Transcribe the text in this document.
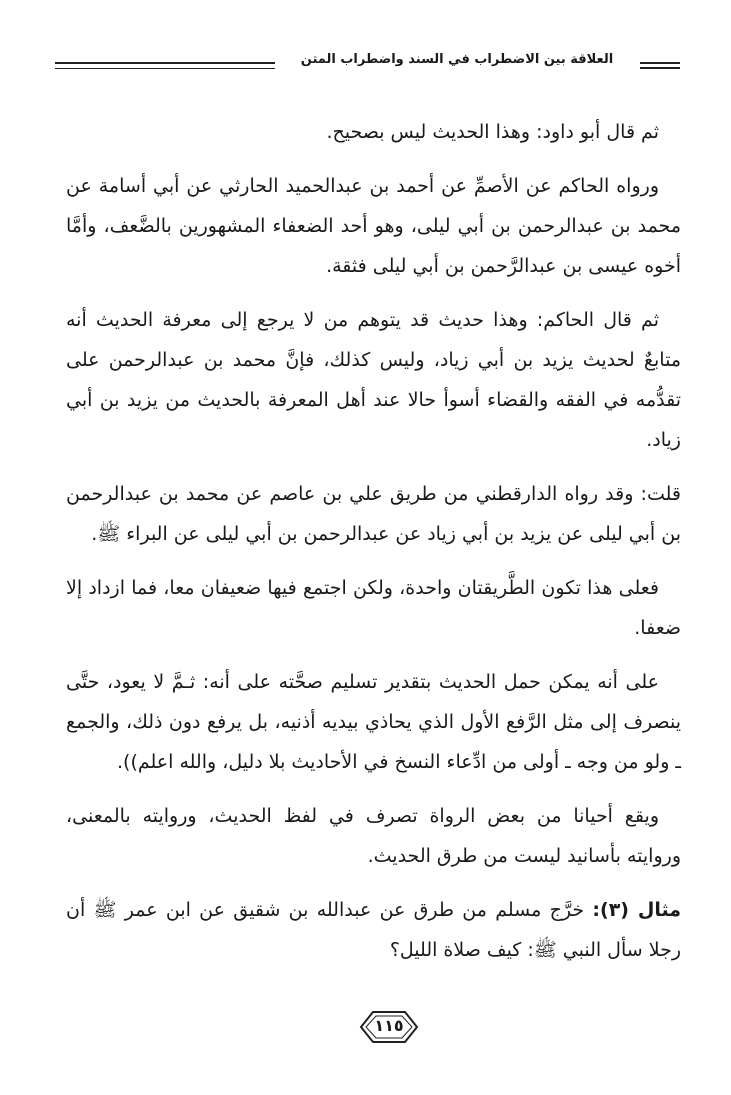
العلاقة بين الاضطراب في السند واضطراب المتن

ثم قال أبو داود: وهذا الحديث ليس بصحيح.

ورواه الحاكم عن الأصمِّ عن أحمد بن عبدالحميد الحارثي عن أبي أسامة عن محمد بن عبدالرحمن بن أبي ليلى، وهو أحد الضعفاء المشهورين بالضَّعف، وأمَّا أخوه عيسى بن عبدالرَّحمن بن أبي ليلى فثقة.

ثم قال الحاكم: وهذا حديث قد يتوهم من لا يرجع إلى معرفة الحديث أنه متابعٌ لحديث يزيد بن أبي زياد، وليس كذلك، فإنَّ محمد بن عبدالرحمن على تقدُّمه في الفقه والقضاء أسوأ حالا عند أهل المعرفة بالحديث من يزيد بن أبي زياد.

قلت: وقد رواه الدارقطني من طريق علي بن عاصم عن محمد بن عبدالرحمن بن أبي ليلى عن يزيد بن أبي زياد عن عبدالرحمن بن أبي ليلى عن البراء ﷺ.

فعلى هذا تكون الطَّريقتان واحدة، ولكن اجتمع فيها ضعيفان معا، فما ازداد إلا ضعفا.

على أنه يمكن حمل الحديث بتقدير تسليم صحَّته على أنه: ثـمَّ لا يعود، حتَّى ينصرف إلى مثل الرَّفع الأول الذي يحاذي بيديه أذنيه، بل يرفع دون ذلك، والجمع ـ ولو من وجه ـ أولى من ادِّعاء النسخ في الأحاديث بلا دليل، والله اعلم)).

ويقع أحيانا من بعض الرواة تصرف في لفظ الحديث، وروايته بالمعنى، وروايته بأسانيد ليست من طرق الحديث.

مثال (٣): خرَّج مسلم من طرق عن عبدالله بن شقيق عن ابن عمر ﷺ أن رجلا سأل النبي ﷺ: كيف صلاة الليل؟

١١٥
